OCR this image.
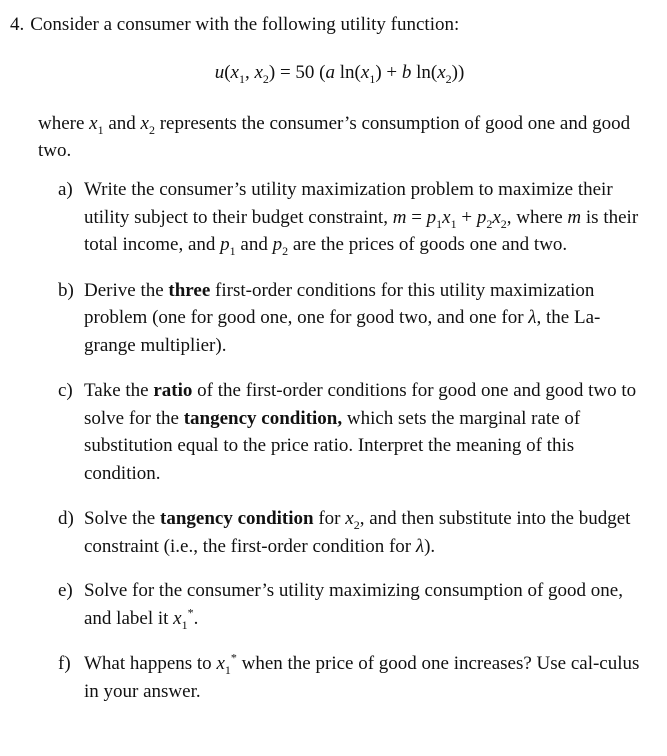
4. Consider a consumer with the following utility function:

$u(x_1$, $x_2) = 50$ (a $\ln(x_1) + b$ $\ln(x_2)$)

where $x_1$ and $x_2$ represents the consumer’s consumption of good one and good two.

a) Write the consumer’s utility maximization problem to maximize their utility subject to their budget constraint, $m = p_1x_1 + p_2x_2$, where m is their total income, and $p_1$ and $p_2$ are the prices of goods one and two.
b) Derive the three first-order conditions for this utility maximization problem (one for good one, one for good two, and one for λ, the La-grange multiplier).
c) Take the ratio of the first-order conditions for good one and good two to solve for the tangency condition, which sets the marginal rate of substitution equal to the price ratio. Interpret the meaning of this condition.
d) Solve the tangency condition for $x_2$, and then substitute into the budget constraint (i.e., the first-order condition for λ).
e) Solve for the consumer’s utility maximizing consumption of good one, and label it $x_1^*$.
f) What happens to $x_1^*$ when the price of good one increases? Use cal-culus in your answer.
